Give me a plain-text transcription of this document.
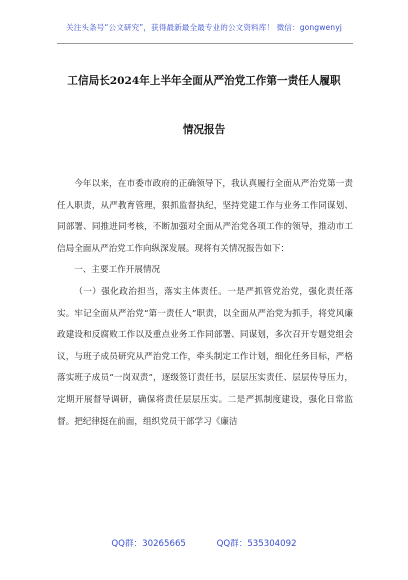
关注头条号“公文研究”，获得最新最全最专业的公文资料库！ 微信：gongwenyj
工信局长2024年上半年全面从严治党工作第一责任人履职
情况报告

今年以来，在市委市政府的正确领导下，我认真履行全面从严治党第一责任人职责，从严教育管理，狠抓监督执纪，坚持党建工作与业务工作同谋划、同部署、同推进同考核，不断加强对全面从严治党各项工作的领导，推动市工信局全面从严治党工作向纵深发展。现将有关情况报告如下：

一、主要工作开展情况

（一）强化政治担当，落实主体责任。一是严抓管党治党，强化责任落实。牢记全面从严治党“第一责任人”职责，以全面从严治党为抓手，将党风廉政建设和反腐败工作以及重点业务工作同部署、同谋划，多次召开专题党组会议，与班子成员研究从严治党工作，牵头制定工作计划，细化任务目标，严格落实班子成员“一岗双责”，逐级签订责任书，层层压实责任、层层传导压力，定期开展督导调研，确保将责任层层压实。二是严抓制度建设，强化日常监督。把纪律挺在前面，组织党员干部学习《廉洁

QQ群：30265665	QQ群：535304092
